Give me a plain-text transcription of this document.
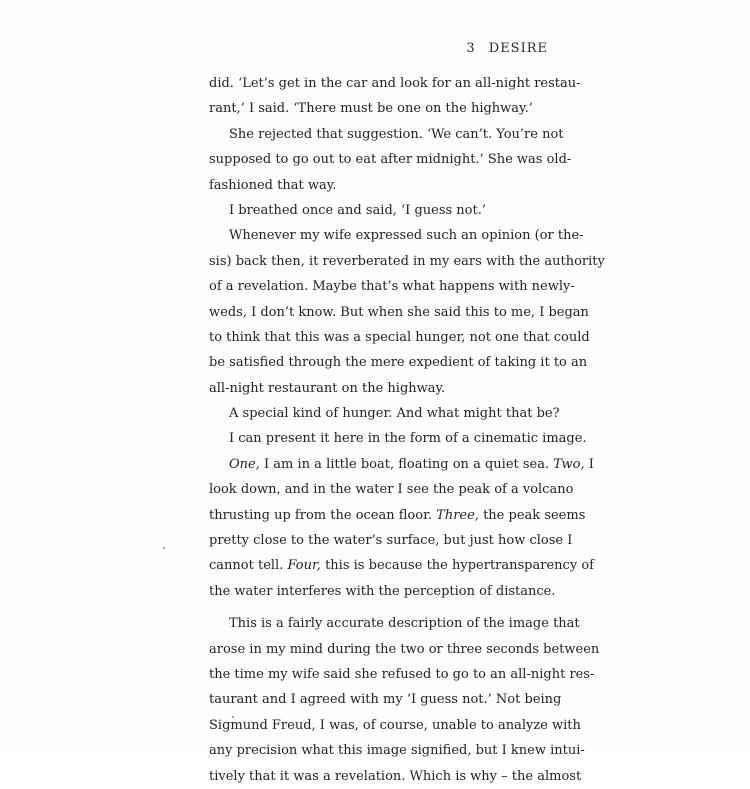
3 DESIRE
did. ‘Let’s get in the car and look for an all-night restau-
rant,’ I said. ‘There must be one on the highway.’
She rejected that suggestion. ‘We can’t. You’re not
supposed to go out to eat after midnight.’ She was old-
fashioned that way.
I breathed once and said, ‘I guess not.’
Whenever my wife expressed such an opinion (or the-
sis) back then, it reverberated in my ears with the authority
of a revelation. Maybe that’s what happens with newly-
weds, I don’t know. But when she said this to me, I began
to think that this was a special hunger, not one that could
be satisfied through the mere expedient of taking it to an
all-night restaurant on the highway.
A special kind of hunger. And what might that be?
I can present it here in the form of a cinematic image.
One, I am in a little boat, floating on a quiet sea. Two, I
look down, and in the water I see the peak of a volcano
thrusting up from the ocean floor. Three, the peak seems
pretty close to the water’s surface, but just how close I
cannot tell. Four, this is because the hypertransparency of
the water interferes with the perception of distance.
This is a fairly accurate description of the image that
arose in my mind during the two or three seconds between
the time my wife said she refused to go to an all-night res-
taurant and I agreed with my ‘I guess not.’ Not being
Sigmund Freud, I was, of course, unable to analyze with
any precision what this image signified, but I knew intui-
tively that it was a revelation. Which is why – the almost
